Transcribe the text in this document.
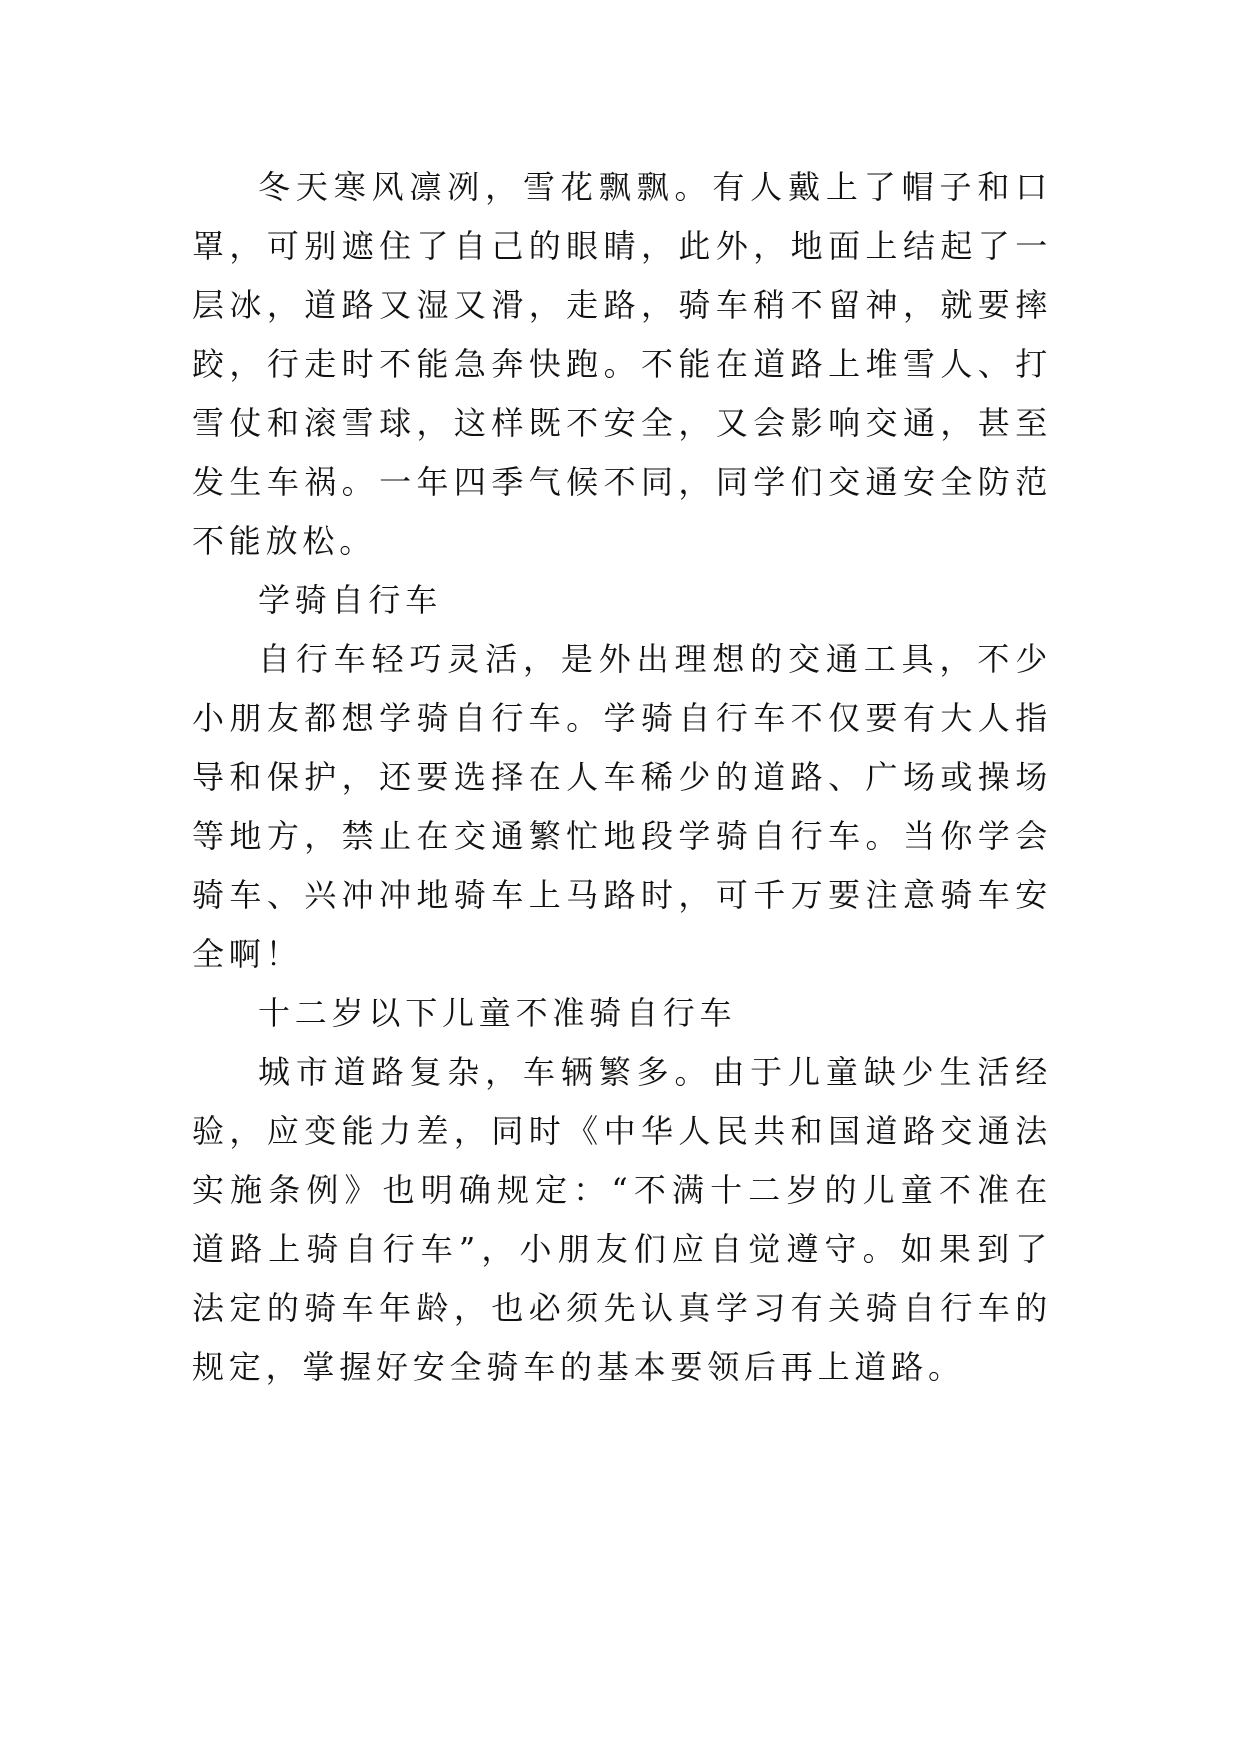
冬天寒风凛冽，雪花飘飘。有人戴上了帽子和口罩，可别遮住了自己的眼睛，此外，地面上结起了一层冰，道路又湿又滑，走路，骑车稍不留神，就要摔跤，行走时不能急奔快跑。不能在道路上堆雪人、打雪仗和滚雪球，这样既不安全，又会影响交通，甚至发生车祸。一年四季气候不同，同学们交通安全防范不能放松。

学骑自行车

自行车轻巧灵活，是外出理想的交通工具，不少小朋友都想学骑自行车。学骑自行车不仅要有大人指导和保护，还要选择在人车稀少的道路、广场或操场等地方，禁止在交通繁忙地段学骑自行车。当你学会骑车、兴冲冲地骑车上马路时，可千万要注意骑车安全啊！

十二岁以下儿童不准骑自行车

城市道路复杂，车辆繁多。由于儿童缺少生活经验，应变能力差，同时《中华人民共和国道路交通法实施条例》也明确规定：“不满十二岁的儿童不准在道路上骑自行车”，小朋友们应自觉遵守。如果到了法定的骑车年龄，也必须先认真学习有关骑自行车的规定，掌握好安全骑车的基本要领后再上道路。
